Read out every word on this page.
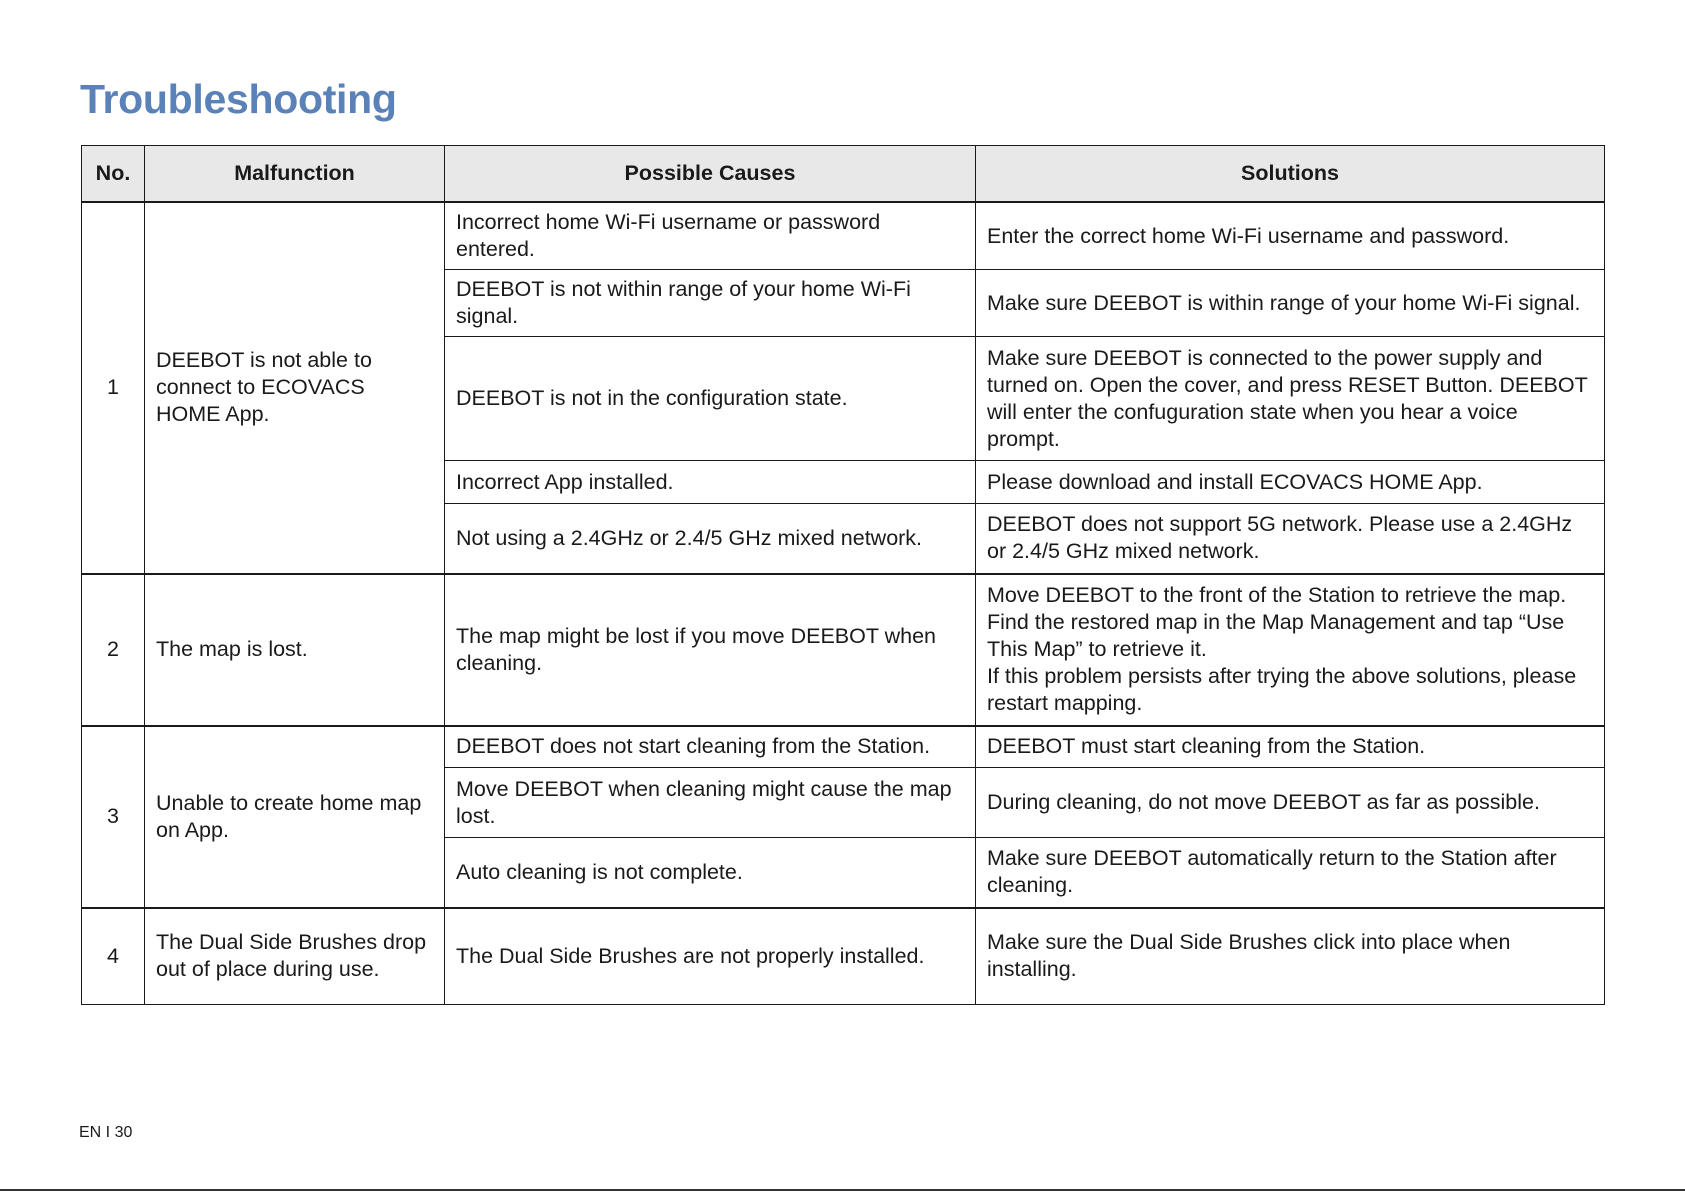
Troubleshooting
No.	Malfunction	Possible Causes	Solutions
1	DEEBOT is not able to connect to ECOVACS HOME App.	Incorrect home Wi-Fi username or password entered.	Enter the correct home Wi-Fi username and password.
		DEEBOT is not within range of your home Wi-Fi signal.	Make sure DEEBOT is within range of your home Wi-Fi signal.
		DEEBOT is not in the configuration state.	Make sure DEEBOT is connected to the power supply and turned on. Open the cover, and press RESET Button. DEEBOT will enter the confuguration state when you hear a voice prompt.
		Incorrect App installed.	Please download and install ECOVACS HOME App.
		Not using a 2.4GHz or 2.4/5 GHz mixed network.	DEEBOT does not support 5G network. Please use a 2.4GHz or 2.4/5 GHz mixed network.
2	The map is lost.	The map might be lost if you move DEEBOT when cleaning.	Move DEEBOT to the front of the Station to retrieve the map. Find the restored map in the Map Management and tap “Use This Map” to retrieve it.
If this problem persists after trying the above solutions, please restart mapping.
3	Unable to create home map on App.	DEEBOT does not start cleaning from the Station.	DEEBOT must start cleaning from the Station.
		Move DEEBOT when cleaning might cause the map lost.	During cleaning, do not move DEEBOT as far as possible.
		Auto cleaning is not complete.	Make sure DEEBOT automatically return to the Station after cleaning.
4	The Dual Side Brushes drop out of place during use.	The Dual Side Brushes are not properly installed.	Make sure the Dual Side Brushes click into place when installing.
EN I 30
